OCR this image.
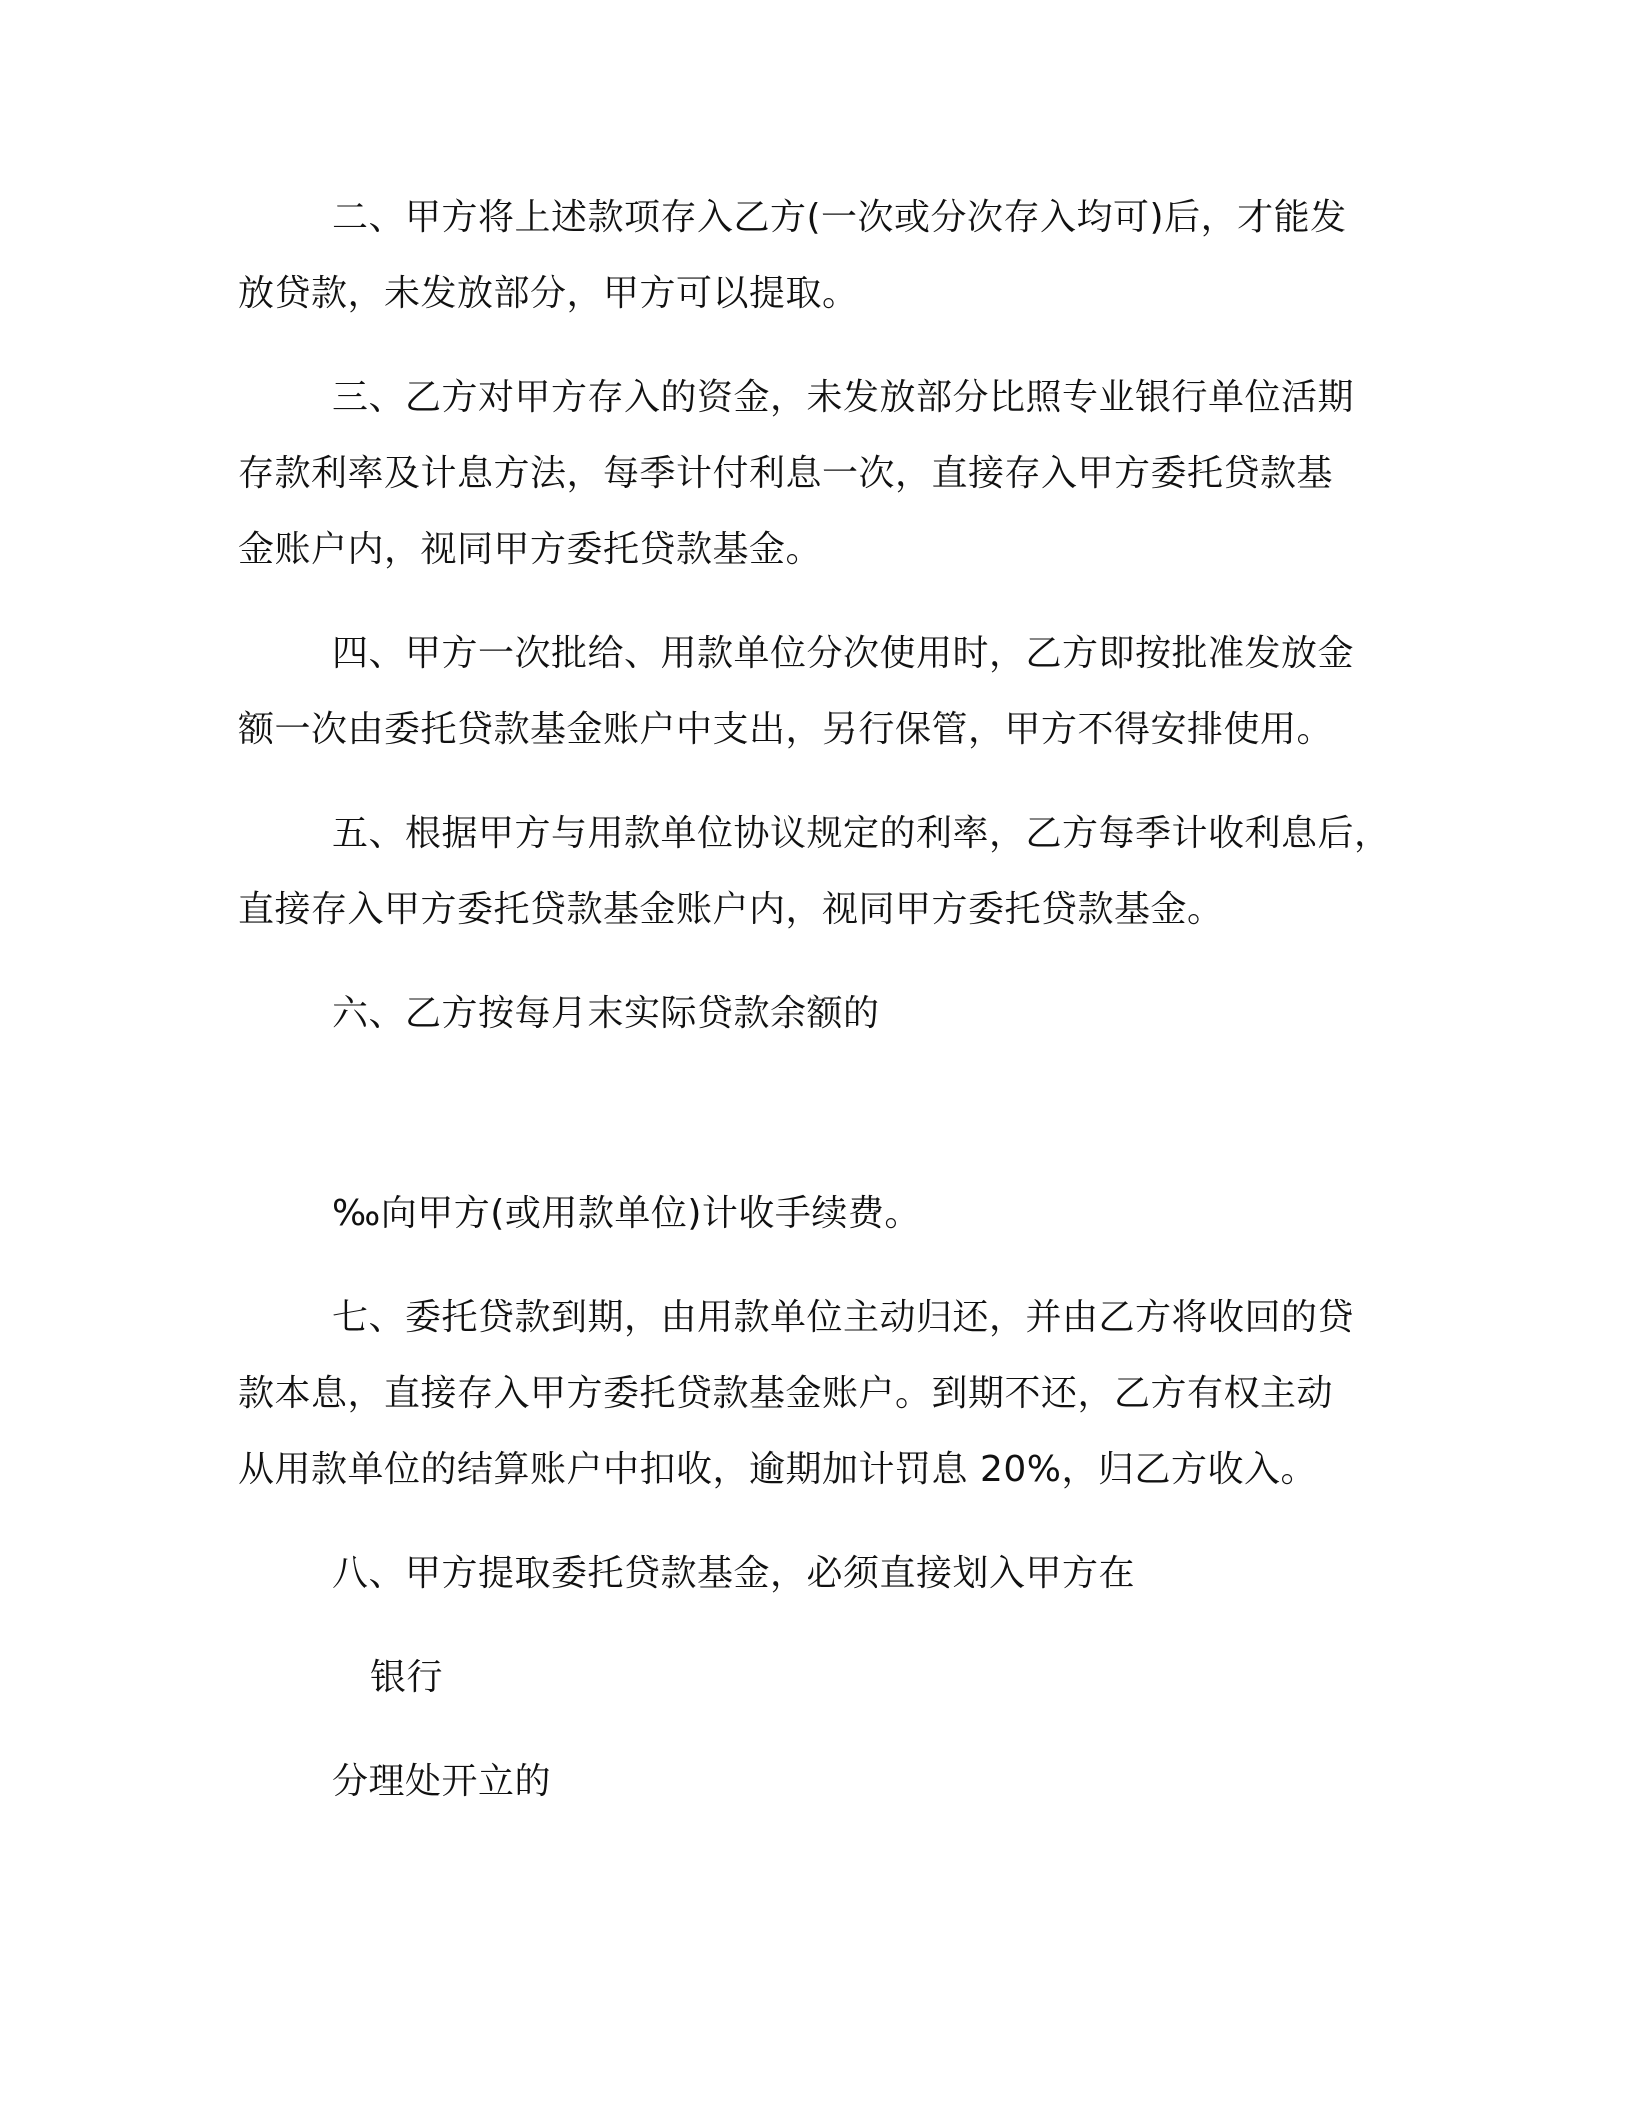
二、甲方将上述款项存入乙方(一次或分次存入均可)后，才能发

放贷款，未发放部分，甲方可以提取。

三、乙方对甲方存入的资金，未发放部分比照专业银行单位活期

存款利率及计息方法，每季计付利息一次，直接存入甲方委托贷款基

金账户内，视同甲方委托贷款基金。

四、甲方一次批给、用款单位分次使用时，乙方即按批准发放金

额一次由委托贷款基金账户中支出，另行保管，甲方不得安排使用。

五、根据甲方与用款单位协议规定的利率，乙方每季计收利息后，

直接存入甲方委托贷款基金账户内，视同甲方委托贷款基金。

六、乙方按每月末实际贷款余额的

‰向甲方(或用款单位)计收手续费。

七、委托贷款到期，由用款单位主动归还，并由乙方将收回的贷

款本息，直接存入甲方委托贷款基金账户。到期不还，乙方有权主动

从用款单位的结算账户中扣收，逾期加计罚息 20%，归乙方收入。

八、甲方提取委托贷款基金，必须直接划入甲方在

银行

分理处开立的
